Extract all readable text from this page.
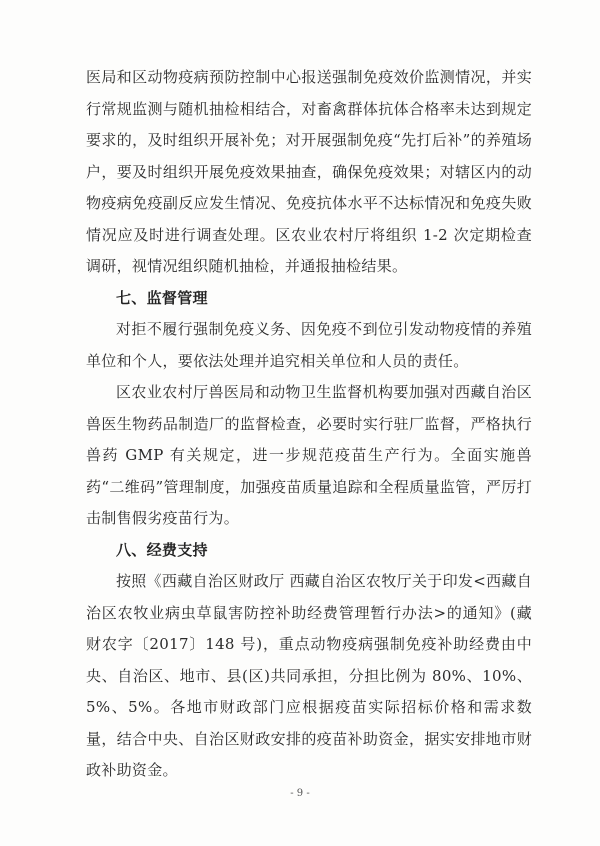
医局和区动物疫病预防控制中心报送强制免疫效价监测情况，并实行常规监测与随机抽检相结合，对畜禽群体抗体合格率未达到规定要求的，及时组织开展补免；对开展强制免疫“先打后补”的养殖场户，要及时组织开展免疫效果抽查，确保免疫效果；对辖区内的动物疫病免疫副反应发生情况、免疫抗体水平不达标情况和免疫失败情况应及时进行调查处理。区农业农村厅将组织 1-2 次定期检查调研，视情况组织随机抽检，并通报抽检结果。

七、监督管理

对拒不履行强制免疫义务、因免疫不到位引发动物疫情的养殖单位和个人，要依法处理并追究相关单位和人员的责任。

区农业农村厅兽医局和动物卫生监督机构要加强对西藏自治区兽医生物药品制造厂的监督检查，必要时实行驻厂监督，严格执行兽药 GMP 有关规定，进一步规范疫苗生产行为。全面实施兽药“二维码”管理制度，加强疫苗质量追踪和全程质量监管，严厉打击制售假劣疫苗行为。

八、经费支持

按照《西藏自治区财政厅 西藏自治区农牧厅关于印发<西藏自治区农牧业病虫草鼠害防控补助经费管理暂行办法>的通知》(藏财农字〔2017〕148 号)，重点动物疫病强制免疫补助经费由中央、自治区、地市、县(区)共同承担，分担比例为 80%、10%、5%、5%。各地市财政部门应根据疫苗实际招标价格和需求数量，结合中央、自治区财政安排的疫苗补助资金，据实安排地市财政补助资金。

- 9 -
